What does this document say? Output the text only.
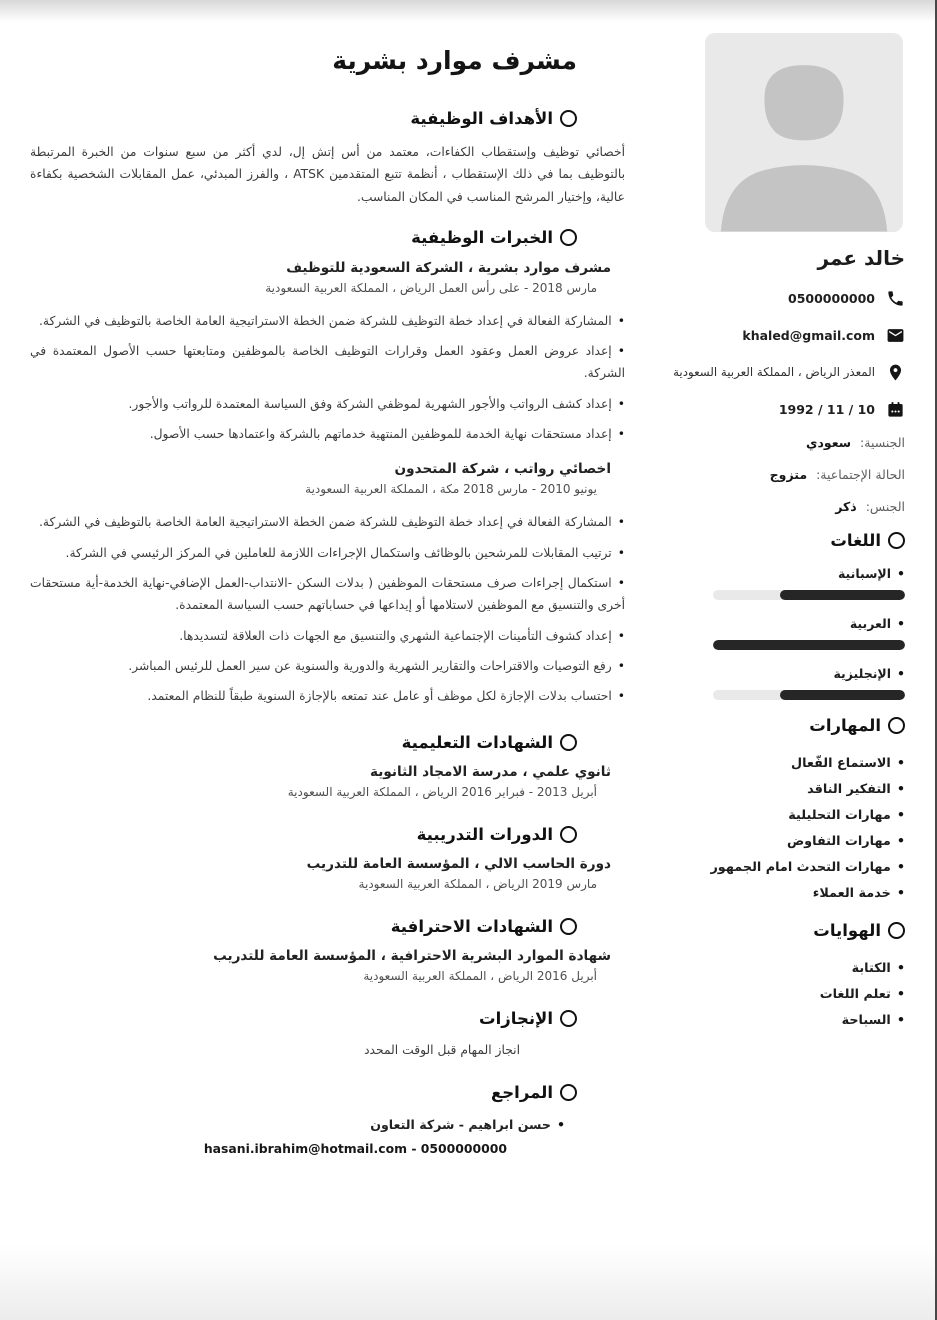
خالد عمر
0500000000
khaled@gmail.com
المعذر الرياض ، المملكة العربية السعودية
10 / 11 / 1992
الجنسية: سعودي
الحالة الإجتماعية: متزوج
الجنس: ذكر
اللغات
• الإسبانية
• العربية
• الإنجليزية
المهارات
• الاستماع الفّعال
• التفكير الناقد
• مهارات التحليلية
• مهارات التفاوض
• مهارات التحدث امام الجمهور
• خدمة العملاء
الهوايات
• الكتابة
• تعلم اللغات
• السباحة
مشرف موارد بشرية
الأهداف الوظيفية
أخصائي توظيف وإستقطاب الكفاءات، معتمد من أس إتش إل، لدي أكثر من سبع سنوات من الخبرة المرتبطة بالتوظيف بما في ذلك الإستقطاب ، أنظمة تتبع المتقدمين ATSK ، والفرز المبدئي، عمل المقابلات الشخصية بكفاءة عالية، وإختيار المرشح المناسب في المكان المناسب.
الخبرات الوظيفية
مشرف موارد بشرية ، الشركة السعودية للتوظيف
مارس 2018 - على رأس العمل الرياض ، المملكة العربية السعودية
• المشاركة الفعالة في إعداد خطة التوظيف للشركة ضمن الخطة الاستراتيجية العامة الخاصة بالتوظيف في الشركة.
• إعداد عروض العمل وعقود العمل وقرارات التوظيف الخاصة بالموظفين ومتابعتها حسب الأصول المعتمدة في الشركة.
• إعداد كشف الرواتب والأجور الشهرية لموظفي الشركة وفق السياسة المعتمدة للرواتب والأجور.
• إعداد مستحقات نهاية الخدمة للموظفين المنتهية خدماتهم بالشركة واعتمادها حسب الأصول.
اخصائي رواتب ، شركة المتحدون
يونيو 2010 - مارس 2018 مكة ، المملكة العربية السعودية
• المشاركة الفعالة في إعداد خطة التوظيف للشركة ضمن الخطة الاستراتيجية العامة الخاصة بالتوظيف في الشركة.
• ترتيب المقابلات للمرشحين بالوظائف واستكمال الإجراءات اللازمة للعاملين في المركز الرئيسي في الشركة.
• استكمال إجراءات صرف مستحقات الموظفين ( بدلات السكن -الانتداب-العمل الإضافي-نهاية الخدمة-أية مستحقات أخرى والتنسيق مع الموظفين لاستلامها أو إيداعها في حساباتهم حسب السياسة المعتمدة.
• إعداد كشوف التأمينات الإجتماعية الشهري والتنسيق مع الجهات ذات العلاقة لتسديدها.
• رفع التوصيات والاقتراحات والتقارير الشهرية والدورية والسنوية عن سير العمل للرئيس المباشر.
• احتساب بدلات الإجازة لكل موظف أو عامل عند تمتعه بالإجازة السنوية طبقاً للنظام المعتمد.
الشهادات التعليمية
ثانوي علمي ، مدرسة الامجاد الثانوية
أبريل 2013 - فبراير 2016 الرياض ، المملكة العربية السعودية
الدورات التدريبية
دورة الحاسب الالي ، المؤسسة العامة للتدريب
مارس 2019 الرياض ، المملكة العربية السعودية
الشهادات الاحترافية
شهادة الموارد البشرية الاحترافية ، المؤسسة العامة للتدريب
أبريل 2016 الرياض ، المملكة العربية السعودية
الإنجازات
انجاز المهام قبل الوقت المحدد
المراجع
• حسن ابراهيم - شركة التعاون
hasani.ibrahim@hotmail.com - 0500000000
